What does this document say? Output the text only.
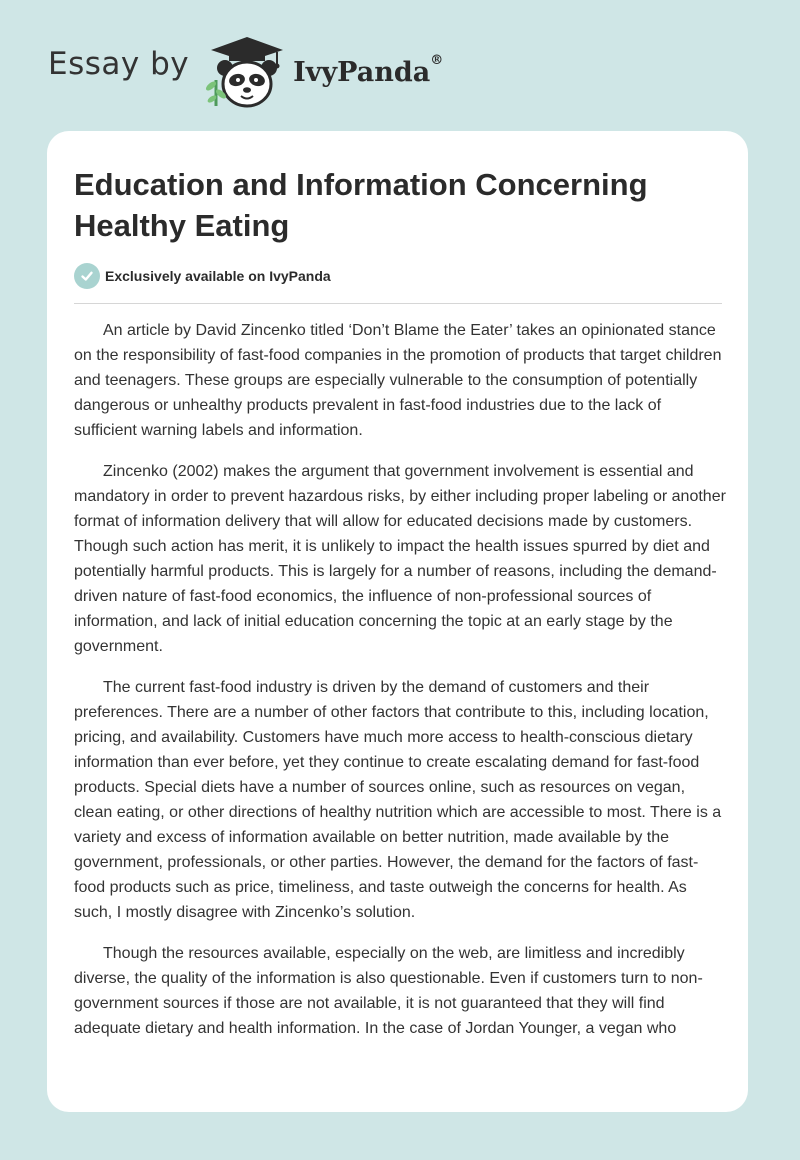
Essay by	IvyPanda®
Education and Information Concerning Healthy Eating
Exclusively available on IvyPanda

An article by David Zincenko titled ‘Don’t Blame the Eater’ takes an opinionated stance on the responsibility of fast-food companies in the promotion of products that target children and teenagers. These groups are especially vulnerable to the consumption of potentially dangerous or unhealthy products prevalent in fast-food industries due to the lack of sufficient warning labels and information.

Zincenko (2002) makes the argument that government involvement is essential and mandatory in order to prevent hazardous risks, by either including proper labeling or another format of information delivery that will allow for educated decisions made by customers. Though such action has merit, it is unlikely to impact the health issues spurred by diet and potentially harmful products. This is largely for a number of reasons, including the demand-driven nature of fast-food economics, the influence of non-professional sources of information, and lack of initial education concerning the topic at an early stage by the government.

The current fast-food industry is driven by the demand of customers and their preferences. There are a number of other factors that contribute to this, including location, pricing, and availability. Customers have much more access to health-conscious dietary information than ever before, yet they continue to create escalating demand for fast-food products. Special diets have a number of sources online, such as resources on vegan, clean eating, or other directions of healthy nutrition which are accessible to most. There is a variety and excess of information available on better nutrition, made available by the government, professionals, or other parties. However, the demand for the factors of fast-food products such as price, timeliness, and taste outweigh the concerns for health. As such, I mostly disagree with Zincenko’s solution.

Though the resources available, especially on the web, are limitless and incredibly diverse, the quality of the information is also questionable. Even if customers turn to non-government sources if those are not available, it is not guaranteed that they will find adequate dietary and health information. In the case of Jordan Younger, a vegan who
